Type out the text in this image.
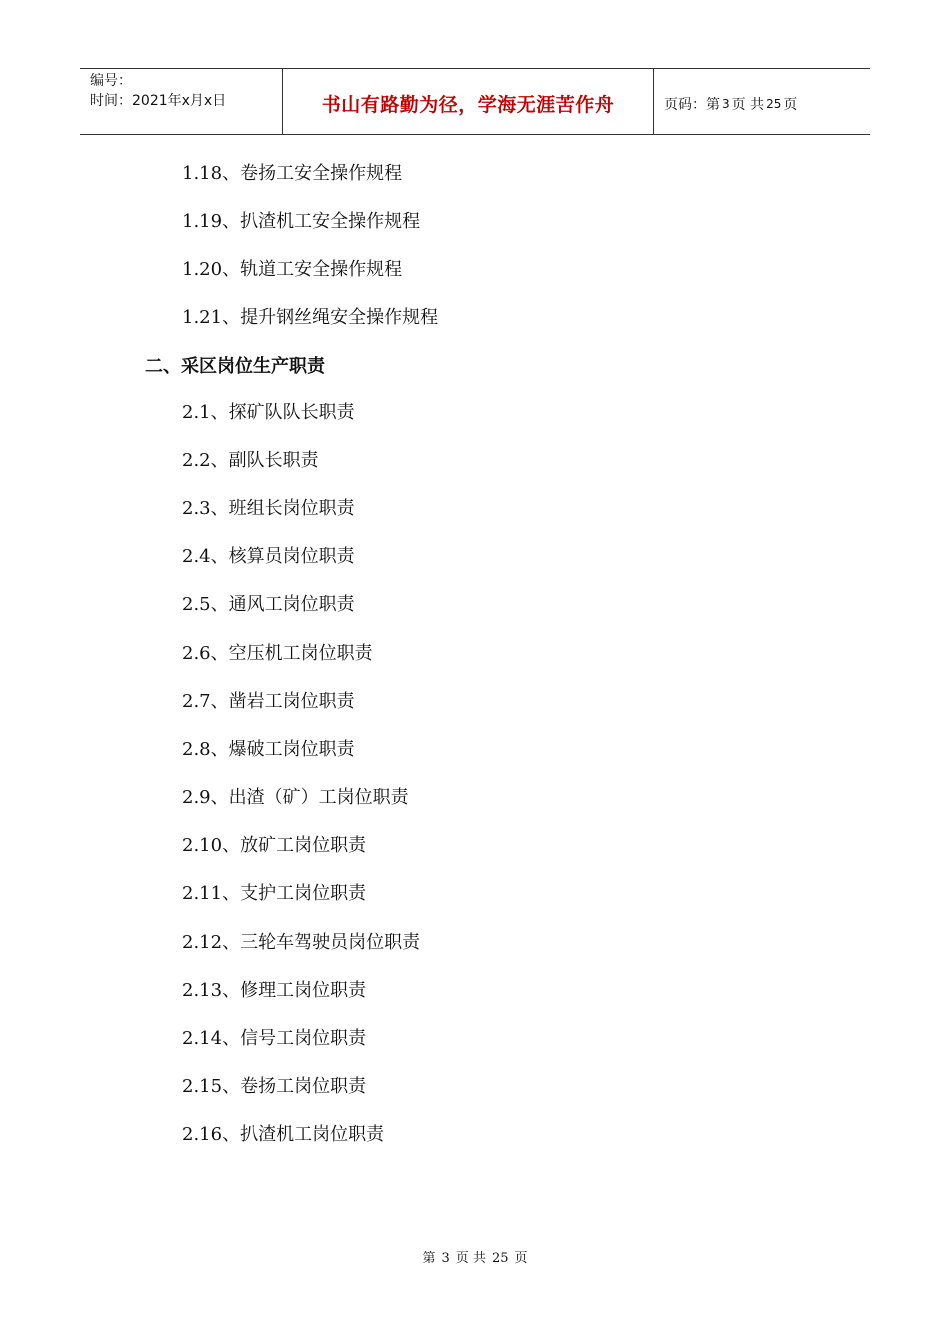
编号：
时间：2021年x月x日	书山有路勤为径，学海无涯苦作舟	页码：第 3 页 共 25 页
1.18、卷扬工安全操作规程
1.19、扒渣机工安全操作规程
1.20、轨道工安全操作规程
1.21、提升钢丝绳安全操作规程
二、采区岗位生产职责
2.1、探矿队队长职责
2.2、副队长职责
2.3、班组长岗位职责
2.4、核算员岗位职责
2.5、通风工岗位职责
2.6、空压机工岗位职责
2.7、凿岩工岗位职责
2.8、爆破工岗位职责
2.9、出渣（矿）工岗位职责
2.10、放矿工岗位职责
2.11、支护工岗位职责
2.12、三轮车驾驶员岗位职责
2.13、修理工岗位职责
2.14、信号工岗位职责
2.15、卷扬工岗位职责
2.16、扒渣机工岗位职责
第 3 页 共 25 页
